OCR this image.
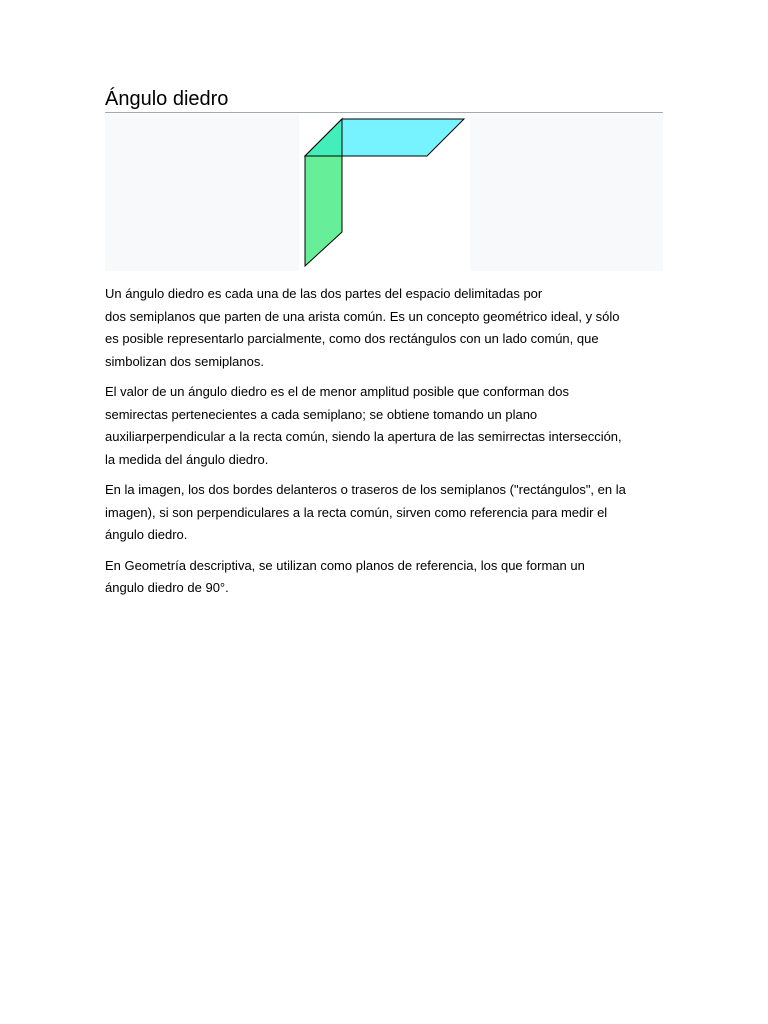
Ángulo diedro

Un ángulo diedro es cada una de las dos partes del espacio delimitadas por
dos semiplanos que parten de una arista común. Es un concepto geométrico ideal, y sólo
es posible representarlo parcialmente, como dos rectángulos con un lado común, que
simbolizan dos semiplanos.

El valor de un ángulo diedro es el de menor amplitud posible que conforman dos
semirectas pertenecientes a cada semiplano; se obtiene tomando un plano
auxiliarperpendicular a la recta común, siendo la apertura de las semirrectas intersección,
la medida del ángulo diedro.

En la imagen, los dos bordes delanteros o traseros de los semiplanos ("rectángulos", en la
imagen), si son perpendiculares a la recta común, sirven como referencia para medir el
ángulo diedro.

En Geometría descriptiva, se utilizan como planos de referencia, los que forman un
ángulo diedro de 90°.
